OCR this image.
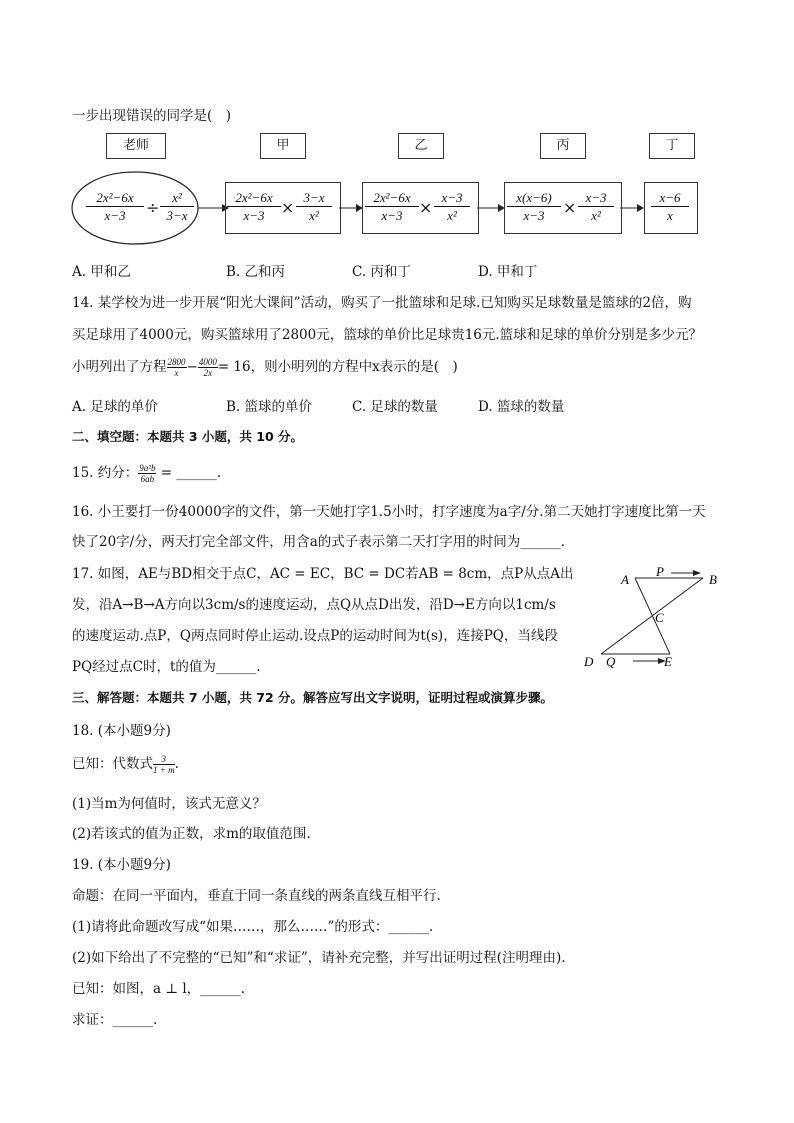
一步出现错误的同学是(　)
老师	甲	乙	丙	丁
2x²−6x
x−3	÷
x²
3−x
2x²−6x
x−3	×
3−x
x²
2x²−6x
x−3	×
x−3
x²
x(x−6)
x−3	×
x−3
x²
x−6
x
A. 甲和乙	B. 乙和丙	C. 丙和丁	D. 甲和丁
14. 某学校为进一步开展“阳光大课间”活动，购买了一批篮球和足球.已知购买足球数量是篮球的2倍，购
买足球用了4000元，购买篮球用了2800元，篮球的单价比足球贵16元.篮球和足球的单价分别是多少元？
小明列出了方程 $\frac{2800}{x} - \frac{4000}{2x} = 16$，则小明列的方程中x表示的是(　)
A. 足球的单价	B. 篮球的单价	C. 足球的数量	D. 篮球的数量
二、填空题：本题共 3 小题，共 10 分。
15. 约分： $\frac{\text{9a²b}}{6ab}$ = ______.
16. 小王要打一份40000字的文件，第一天她打字1.5小时，打字速度为a字/分.第二天她打字速度比第一天
快了20字/分，两天打完全部文件，用含a的式子表示第二天打字用的时间为______.
17. 如图，AE与BD相交于点C，AC = EC，BC = DC若AB = 8cm，点P从点A出
发，沿A→B→A方向以3cm/s的速度运动，点Q从点D出发，沿D→E方向以1cm/s
的速度运动.点P，Q两点同时停止运动.设点P的运动时间为t(s)，连接PQ，当线段
PQ经过点C时，t的值为______.
A
P
B
C
D Q	E
三、解答题：本题共 7 小题，共 72 分。解答应写出文字说明，证明过程或演算步骤。
18. (本小题9分)
已知：代数式 $\frac{3}{1 + m}$ .
(1)当m为何值时，该式无意义？
(2)若该式的值为正数，求m的取值范围.
19. (本小题9分)
命题：在同一平面内，垂直于同一条直线的两条直线互相平行.
(1)请将此命题改写成“如果……，那么……”的形式：______.
(2)如下给出了不完整的“已知”和“求证”，请补充完整，并写出证明过程(注明理由).
已知：如图，a ⊥ l，______.
求证：______.
